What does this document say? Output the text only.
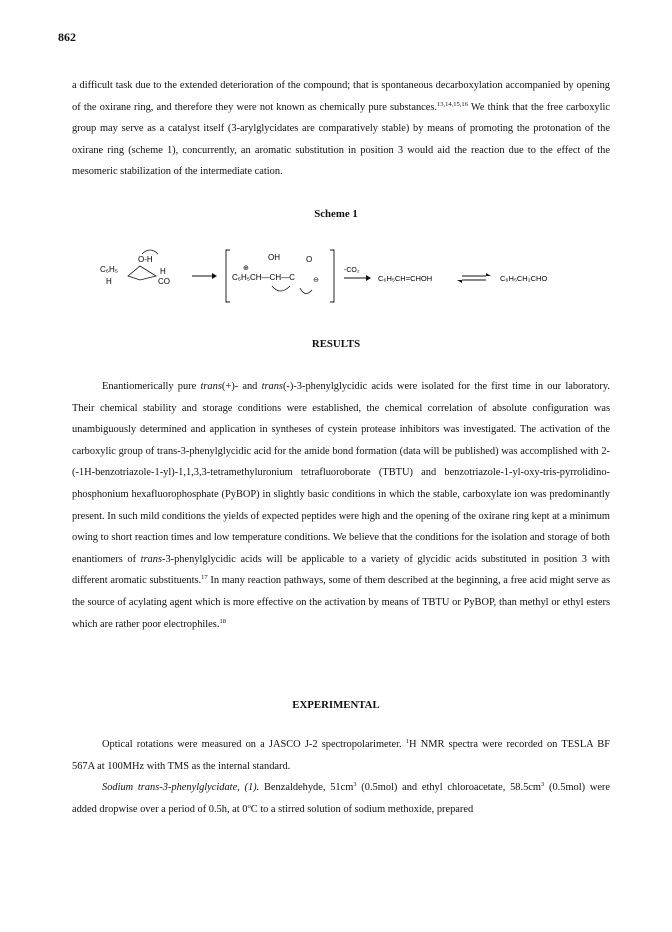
862

a difficult task due to the extended deterioration of the compound; that is spontaneous decarboxylation accompanied by opening of the oxirane ring, and therefore they were not known as chemically pure substances.$^{13,14,15,16}$ We think that the free carboxylic group may serve as a catalyst itself (3-arylglycidates are comparatively stable) by means of promoting the protonation of the oxirane ring (scheme 1), concurrently, an aromatic substitution in position 3 would aid the reaction due to the effect of the mesomeric stabilization of the intermediate cation.

Scheme 1
C₆H₅
H
O-H
H
CO
OH	O
⊕
⊖
C₆H₅CH—CH—C
-CO₂
C₆H₅CH=CHOH	C₆H₅CH₂CHO
RESULTS

Enantiomerically pure trans(+)- and trans(-)-3-phenylglycidic acids were isolated for the first time in our laboratory. Their chemical stability and storage conditions were established, the chemical correlation of absolute configuration was unambiguously determined and application in syntheses of cystein protease inhibitors was investigated. The activation of the carboxylic group of trans-3-phenylglycidic acid for the amide bond formation (data will be published) was accomplished with 2-(-1H-benzotriazole-1-yl)-1,1,3,3-tetramethyluronium tetrafluoroborate (TBTU) and benzotriazole-1-yl-oxy-tris-pyrrolidino-phosphonium hexafluorophosphate (PyBOP) in slightly basic conditions in which the stable, carboxylate ion was predominantly present. In such mild conditions the yields of expected peptides were high and the opening of the oxirane ring kept at a minimum owing to short reaction times and low temperature conditions. We believe that the conditions for the isolation and storage of both enantiomers of trans-3-phenylglycidic acids will be applicable to a variety of glycidic acids substituted in position 3 with different aromatic substituents.$^{17}$ In many reaction pathways, some of them described at the beginning, a free acid might serve as the source of acylating agent which is more effective on the activation by means of TBTU or PyBOP, than methyl or ethyl esters which are rather poor electrophiles.$^{18}$

EXPERIMENTAL

Optical rotations were measured on a JASCO J-2 spectropolarimeter. $^1$H NMR spectra were recorded on TESLA BF 567A at 100MHz with TMS as the internal standard.

Sodium trans-3-phenylglycidate, (1). Benzaldehyde, $51cm^3$ (0.5mol) and ethyl chloroacetate, $58.5cm^3$ (0.5mol) were added dropwise over a period of 0.5h, at 0$^o$C to a stirred solution of sodium methoxide, prepared
